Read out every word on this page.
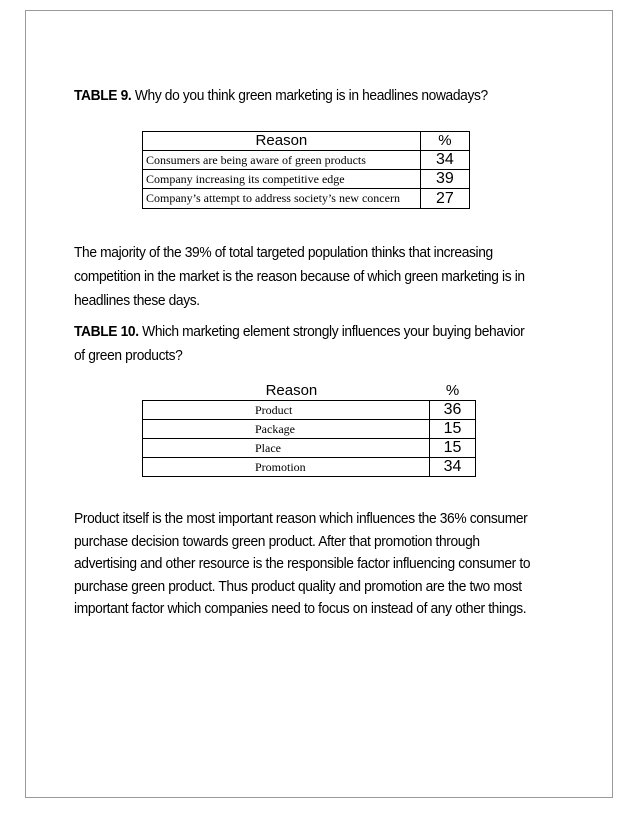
TABLE 9. Why do you think green marketing is in headlines nowadays?
Reason	%
Consumers are being aware of green products	34
Company increasing its competitive edge	39
Company’s attempt to address society’s new concern	27
The majority of the 39% of total targeted population thinks that increasing
competition in the market is the reason because of which green marketing is in
headlines these days.
TABLE 10. Which marketing element strongly influences your buying behavior
of green products?
	Reason	%
Product		36
Package		15
Place		15
Promotion		34
Product itself is the most important reason which influences the 36% consumer
purchase decision towards green product. After that promotion through
advertising and other resource is the responsible factor influencing consumer to
purchase green product. Thus product quality and promotion are the two most
important factor which companies need to focus on instead of any other things.
